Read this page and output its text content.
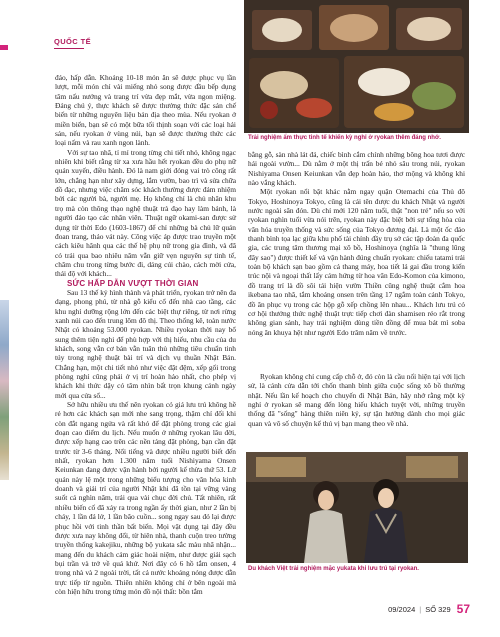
QUỐC TẾ

đáo, hấp dẫn. Khoảng 10-18 món ăn sẽ được phục vụ lần lượt, mỗi món chỉ vài miếng nhỏ song được đầu bếp dụng tâm nấu nướng và trang trí vừa đẹp mắt, vừa ngon miệng. Đáng chú ý, thực khách sẽ được thưởng thức đặc sản chế biến từ những nguyên liệu bản địa theo mùa. Nếu ryokan ở miền biển, bạn sẽ có một bữa tối thịnh soạn với các loại hải sản, nếu ryokan ở vùng núi, bạn sẽ được thưởng thức các loại nấm và rau xanh ngon lành.

Với sự tao nhã, tỉ mỉ trong từng chi tiết nhỏ, không ngạc nhiên khi biết rằng từ xa xưa hầu hết ryokan đều do phụ nữ quán xuyến, điều hành. Đó là nam giới đóng vai trò công rất lớn, chẳng hạn như xây dựng, lắm vườn, bao trì và sửa chữa đồ đạc, nhưng việc chăm sóc khách thường được đảm nhiệm bởi các người bà, người mẹ. Họ không chỉ là chủ nhân khu trọ mà còn thông thạo nghệ thuật trà đạo hay làm bánh, là người đảo tạo các nhân viên. Thuật ngữ okami-san được sử dụng từ thời Edo (1603-1867) để chỉ những bà chủ lữ quán đoan trang, thảo vát này. Công việc áp được trao truyền một cách kiêu hãnh qua các thế hệ phụ nữ trong gia đình, và đã có trải qua bao nhiêu năm vẫn giữ vẹn nguyên sự tinh tế, chăm chu trong từng bước đi, dáng cúi chào, cách mời cửa, thái độ với khách...

SỨC HẤP DẪN VƯỢT THỜI GIAN

Sau 13 thế kỷ hình thành và phát triển, ryokan trở nên đa dạng, phong phú, từ nhà gỗ kiểu cổ đến nhà cao tầng, các khu nghỉ dưỡng rộng lớn đến các biệt thự riêng, từ nơi rừng xanh núi cao đến trung lõm đô thị. Theo thống kê, toàn nước Nhật có khoảng 53.000 ryokan. Nhiều ryokan thời nay bổ sung thêm tiện nghi để phù hợp với thị hiếu, nhu cầu của du khách, song vẫn cơ bản vẫn tuân thủ những tiêu chuẩn tinh túy trong nghệ thuật bài trí và dịch vụ thuần Nhật Bản. Chẳng hạn, một chi tiết nhỏ như việc đặt đệm, xếp gối trong phòng nghỉ cũng phải ở vị trí hoàn hảo nhất, cho phép vị khách khi thức dậy có tâm nhìn bất trọn khung cảnh ngày mới qua cửa sổ...

Sở hữu nhiều ưu thế nên ryokan có giá lưu trú không hề rẻ hơn các khách sạn mới nhe sang trọng, thậm chí đối khi còn đắt ngang ngửa và rất khó để đặt phòng trong các giai đoạn cao điểm du lịch. Nếu muốn ở những ryokan lâu đời, được xếp hạng cao trên các nền tảng đặt phòng, bạn cần đặt trước từ 3-6 tháng. Nổi tiếng và được nhiều người biết đến nhất, ryokan hơn 1.300 năm tuổi Nishiyama Onsen Keiunkan đang được vận hành bởi người kế thừa thứ 53. Lữ quán này lệ một trong những biểu tượng cho văn hóa kinh doanh và giải trí của người Nhật khi đã tồn tại vững vàng suốt cả nghìn năm, trải qua vài chục đời chủ. Tất nhiên, rất nhiều biến cố đã xảy ra trong ngần ấy thời gian, như 2 lần bị cháy, 1 lần đá lở, 1 lần bão cuồn... song ngay sau đó lại được phục hồi với tinh thần bất biến. Mọi vật dụng tại đây đều được xưa nay không đổi, từ hiên nhà, thanh cuộn treo tường truyền thống kakejiku, những bộ yukata sắc màu nhã nhặn... mang đến du khách cảm giác hoài niệm, như được giải sạch bụi trần và trở về quá khứ. Nơi đây có 6 hồ tắm onsen, 4 trong nhà và 2 ngoài trời, tất cả nước khoáng nóng được dẫn trực tiếp từ nguồn. Thiên nhiên không chỉ ở bên ngoài mà còn hiện hữu trong từng món đồ nội thất: bồn tắm

Trải nghiệm ẩm thực tinh tế khiến kỳ nghỉ ở ryokan thêm đáng nhớ.

bằng gỗ, sàn nhà lát đá, chiếc bình cắm chính những bông hoa tươi được hái ngoài vườn... Dù nằm ở một thị trấn bé nhỏ sâu trong núi, ryokan Nishiyama Onsen Keiunkan vẫn đẹp hoàn hảo, thơ mộng và không khi nào vắng khách.

Một ryokan nổi bật khác nằm ngay quận Otemachi của Thủ đô Tokyo, Hoshinoya Tokyo, cũng là cái tên được du khách Nhật và người nước ngoài săn đón. Dù chỉ mới 120 năm tuổi, thật "non trẻ" nếu so với ryokan nghìn tuổi vừa nói trên, ryokan này đặc biệt bởi sự tổng hòa của văn hóa truyền thống và sức sống của Tokyo đương đại. Là một ốc đảo thanh bình tọa lạc giữa khu phố tài chính đầy trụ sở các tập đoàn đa quốc gia, các trung tâm thương mại xô bồ, Hoshinoya (nghĩa là "thung lũng đây sao") được thiết kế và vận hành đúng chuẩn ryokan: chiếu tatami trải toàn bộ khách sạn bao gồm cả thang máy, hoa tiết lá gai đầu trong kiến trúc nội và ngoại thất lấy cảm hứng từ hoa văn Edo-Komon của kimono, đồ trang trí là đồ sôi tái hiện vườn Thiền cũng nghệ thuật cắm hoa ikebana tao nhã, tắm khoáng onsen trên tầng 17 ngắm toàn cảnh Tokyo, đồ ăn phục vụ trong các hộp gỗ xếp chồng lên nhau... Khách lưu trú có cơ hội thưởng thức nghệ thuật trực tiếp chơi đàn shamisen réo rắt trong không gian sảnh, hay trải nghiệm dùng tiền đồng để mua bát mì soba nóng ăn khuya hệt như người Edo trăm năm về trước.

Ryokan không chỉ cung cấp chỗ ở, đó còn là cầu nối hiện tại với lịch sử, là cánh cửa dẫn tới chốn thanh bình giữa cuộc sống xô bồ thường nhật. Nếu lần kế hoạch cho chuyến đi Nhật Bản, hãy nhớ rằng một kỳ nghỉ ở ryokan sẽ mang đến lòng hiếu khách tuyệt vời, những truyền thống đã "sống" hàng thiên niên kỷ, sự tận hưởng dành cho mọi giác quan và vô số chuyện kể thú vị bạn mang theo về nhà.

Du khách Việt trải nghiệm mặc yukata khi lưu trú tại ryokan.
09/2024 | SỐ 329 57
